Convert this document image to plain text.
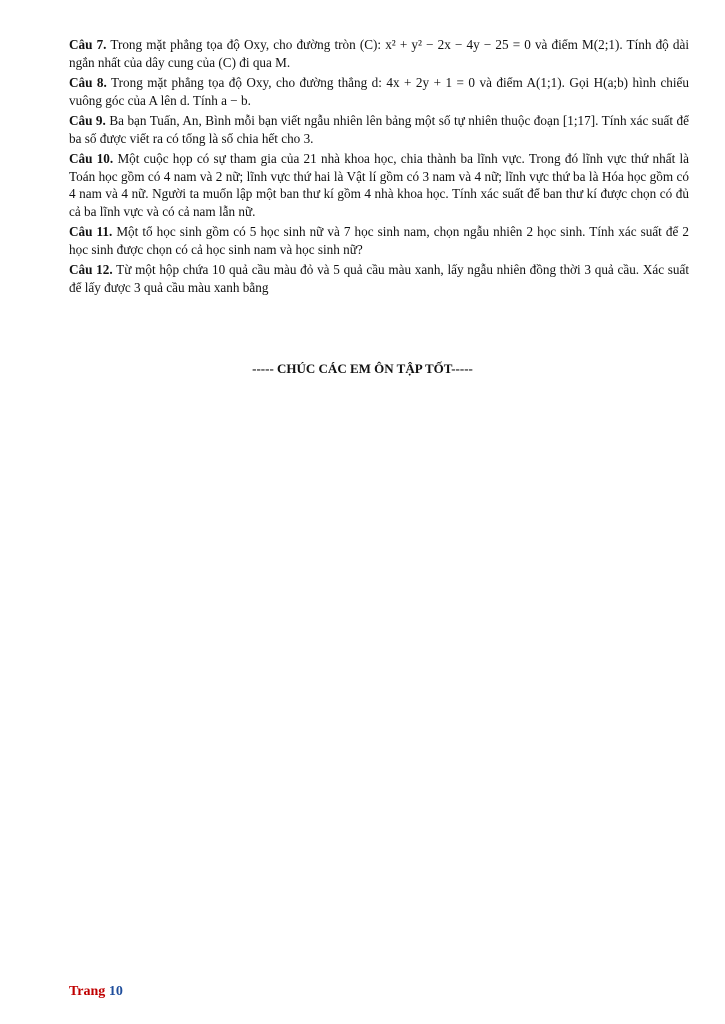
Câu 7. Trong mặt phẳng tọa độ Oxy, cho đường tròn (C): x² + y² − 2x − 4y − 25 = 0 và điểm M(2;1). Tính độ dài ngắn nhất của dây cung của (C) đi qua M.

Câu 8. Trong mặt phẳng tọa độ Oxy, cho đường thẳng d: 4x + 2y + 1 = 0 và điểm A(1;1). Gọi H(a;b) hình chiếu vuông góc của A lên d. Tính a − b.

Câu 9. Ba bạn Tuấn, An, Bình mỗi bạn viết ngẫu nhiên lên bảng một số tự nhiên thuộc đoạn [1;17]. Tính xác suất để ba số được viết ra có tổng là số chia hết cho 3.

Câu 10. Một cuộc họp có sự tham gia của 21 nhà khoa học, chia thành ba lĩnh vực. Trong đó lĩnh vực thứ nhất là Toán học gồm có 4 nam và 2 nữ; lĩnh vực thứ hai là Vật lí gồm có 3 nam và 4 nữ; lĩnh vực thứ ba là Hóa học gồm có 4 nam và 4 nữ. Người ta muốn lập một ban thư kí gồm 4 nhà khoa học. Tính xác suất để ban thư kí được chọn có đủ cả ba lĩnh vực và có cả nam lẫn nữ.

Câu 11. Một tổ học sinh gồm có 5 học sinh nữ và 7 học sinh nam, chọn ngẫu nhiên 2 học sinh. Tính xác suất để 2 học sinh được chọn có cả học sinh nam và học sinh nữ?

Câu 12. Từ một hộp chứa 10 quả cầu màu đỏ và 5 quả cầu màu xanh, lấy ngẫu nhiên đồng thời 3 quả cầu. Xác suất để lấy được 3 quả cầu màu xanh bằng

----- CHÚC CÁC EM ÔN TẬP TỐT-----
Trang 10
